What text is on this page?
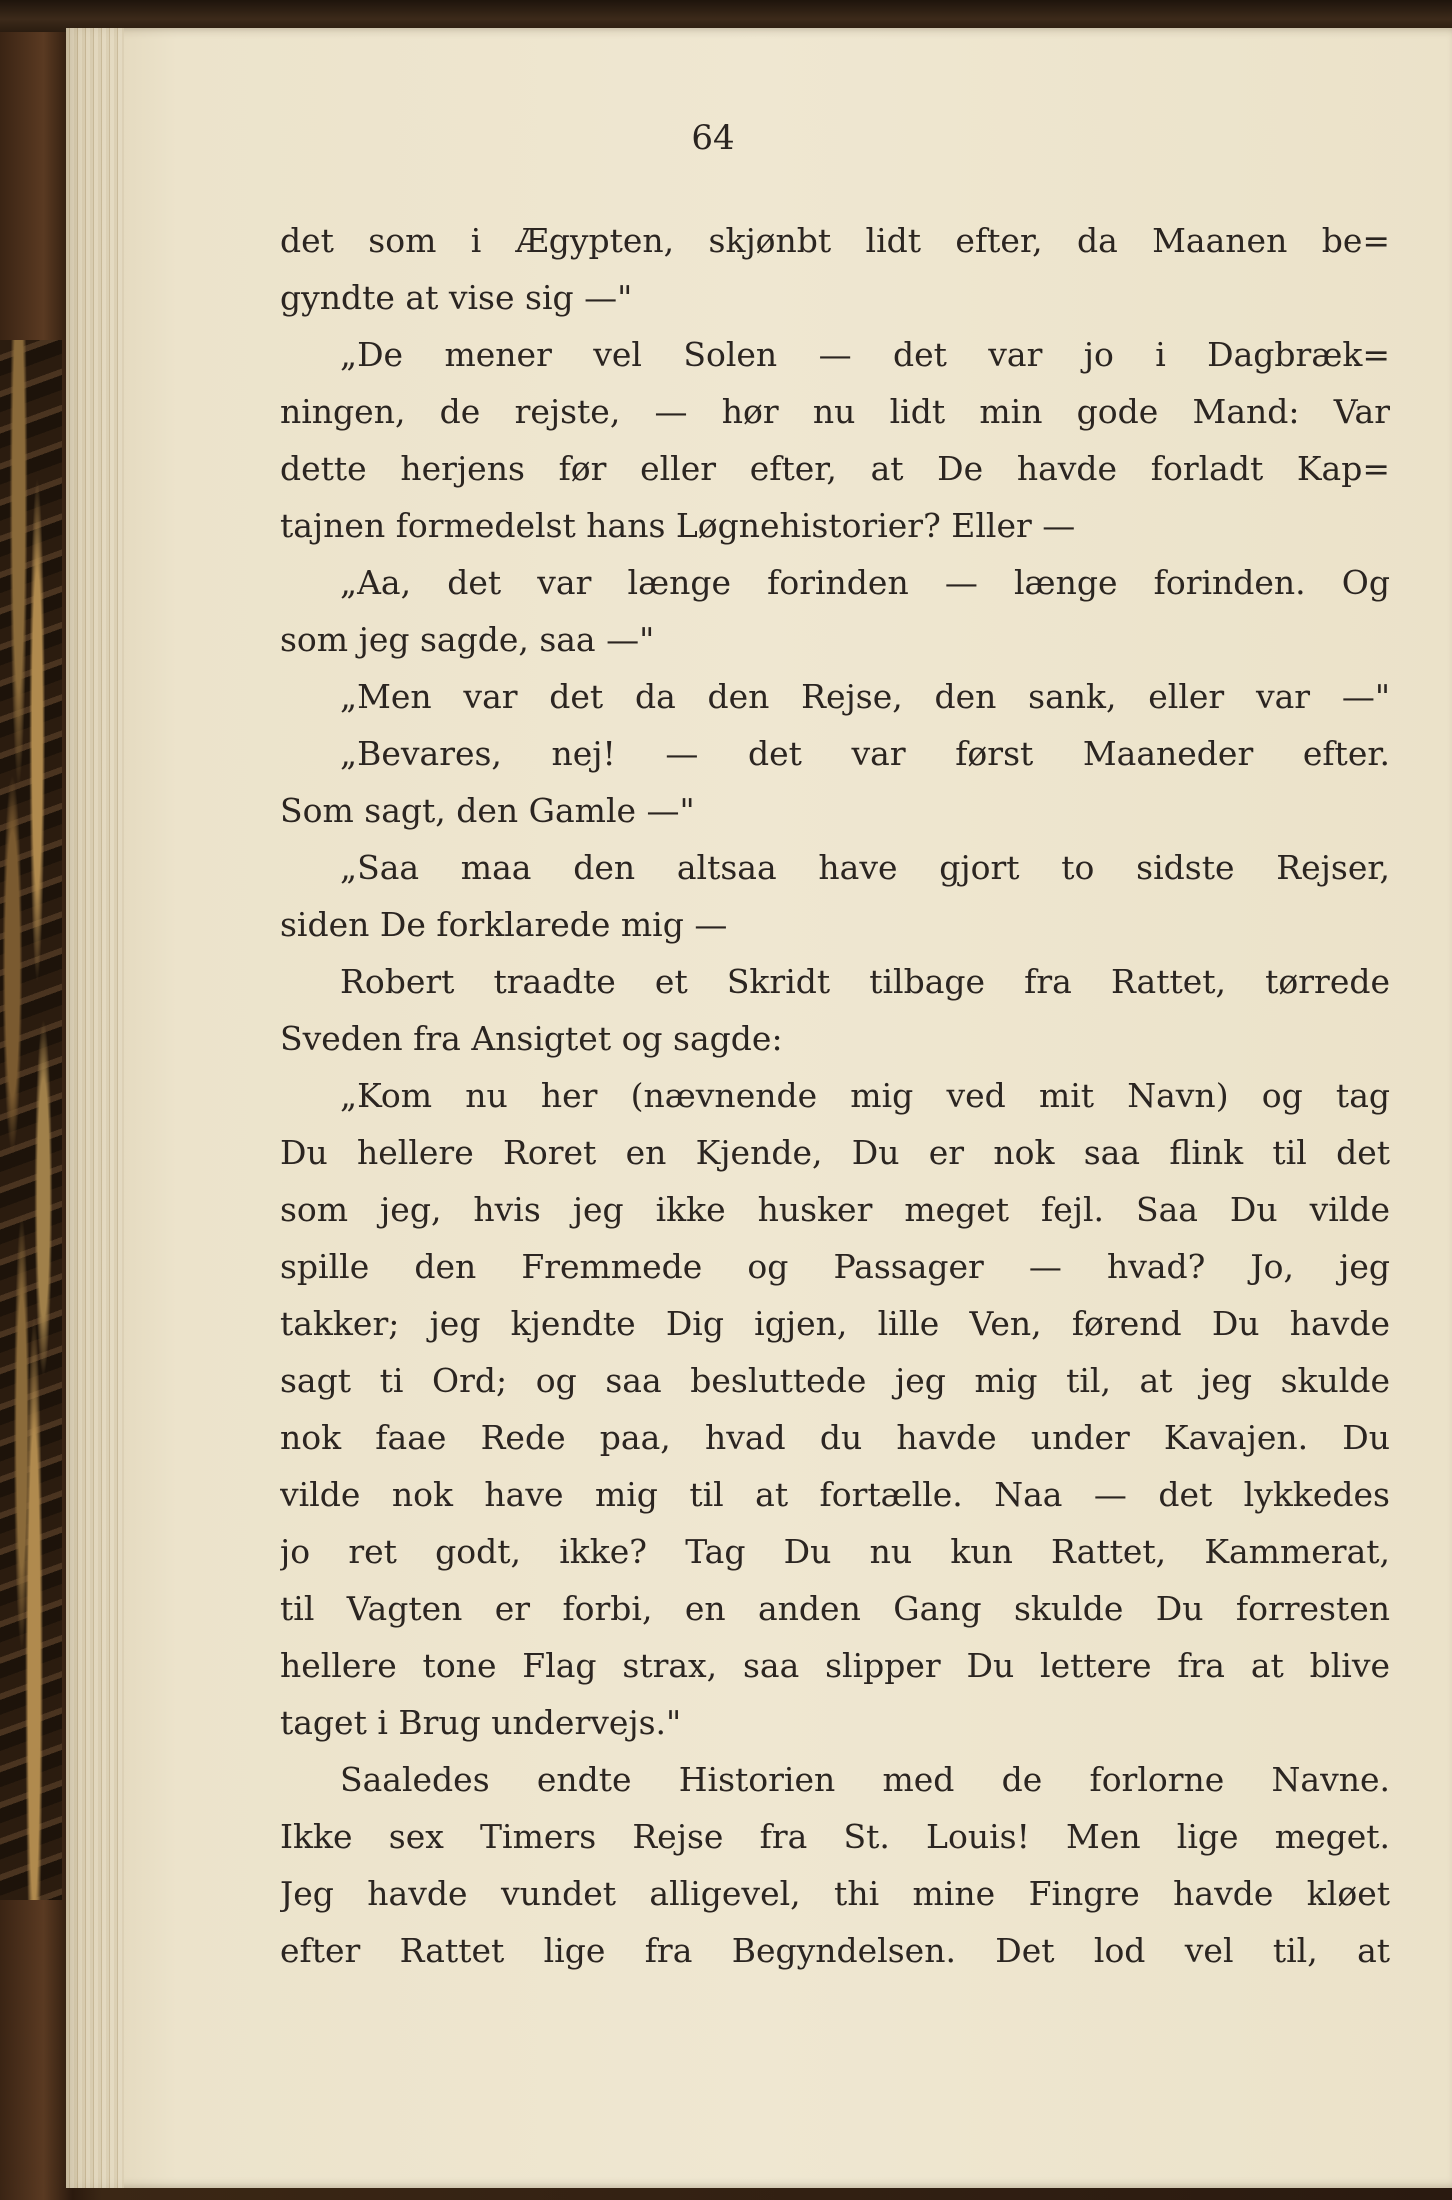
64
det som i Ægypten, skjønbt lidt efter, da Maanen be=
gyndte at vise sig —"
„De mener vel Solen — det var jo i Dagbræk=
ningen, de rejste, — hør nu lidt min gode Mand: Var
dette herjens før eller efter, at De havde forladt Kap=
tajnen formedelst hans Løgnehistorier? Eller —
„Aa, det var længe forinden — længe forinden. Og
som jeg sagde, saa —"
„Men var det da den Rejse, den sank, eller var —"
„Bevares, nej! — det var først Maaneder efter.
Som sagt, den Gamle —"
„Saa maa den altsaa have gjort to sidste Rejser,
siden De forklarede mig —
Robert traadte et Skridt tilbage fra Rattet, tørrede
Sveden fra Ansigtet og sagde:
„Kom nu her (nævnende mig ved mit Navn) og tag
Du hellere Roret en Kjende, Du er nok saa flink til det
som jeg, hvis jeg ikke husker meget fejl. Saa Du vilde
spille den Fremmede og Passager — hvad? Jo, jeg
takker; jeg kjendte Dig igjen, lille Ven, førend Du havde
sagt ti Ord; og saa besluttede jeg mig til, at jeg skulde
nok faae Rede paa, hvad du havde under Kavajen. Du
vilde nok have mig til at fortælle. Naa — det lykkedes
jo ret godt, ikke? Tag Du nu kun Rattet, Kammerat,
til Vagten er forbi, en anden Gang skulde Du forresten
hellere tone Flag strax, saa slipper Du lettere fra at blive
taget i Brug undervejs."
Saaledes endte Historien med de forlorne Navne.
Ikke sex Timers Rejse fra St. Louis! Men lige meget.
Jeg havde vundet alligevel, thi mine Fingre havde kløet
efter Rattet lige fra Begyndelsen. Det lod vel til, at
